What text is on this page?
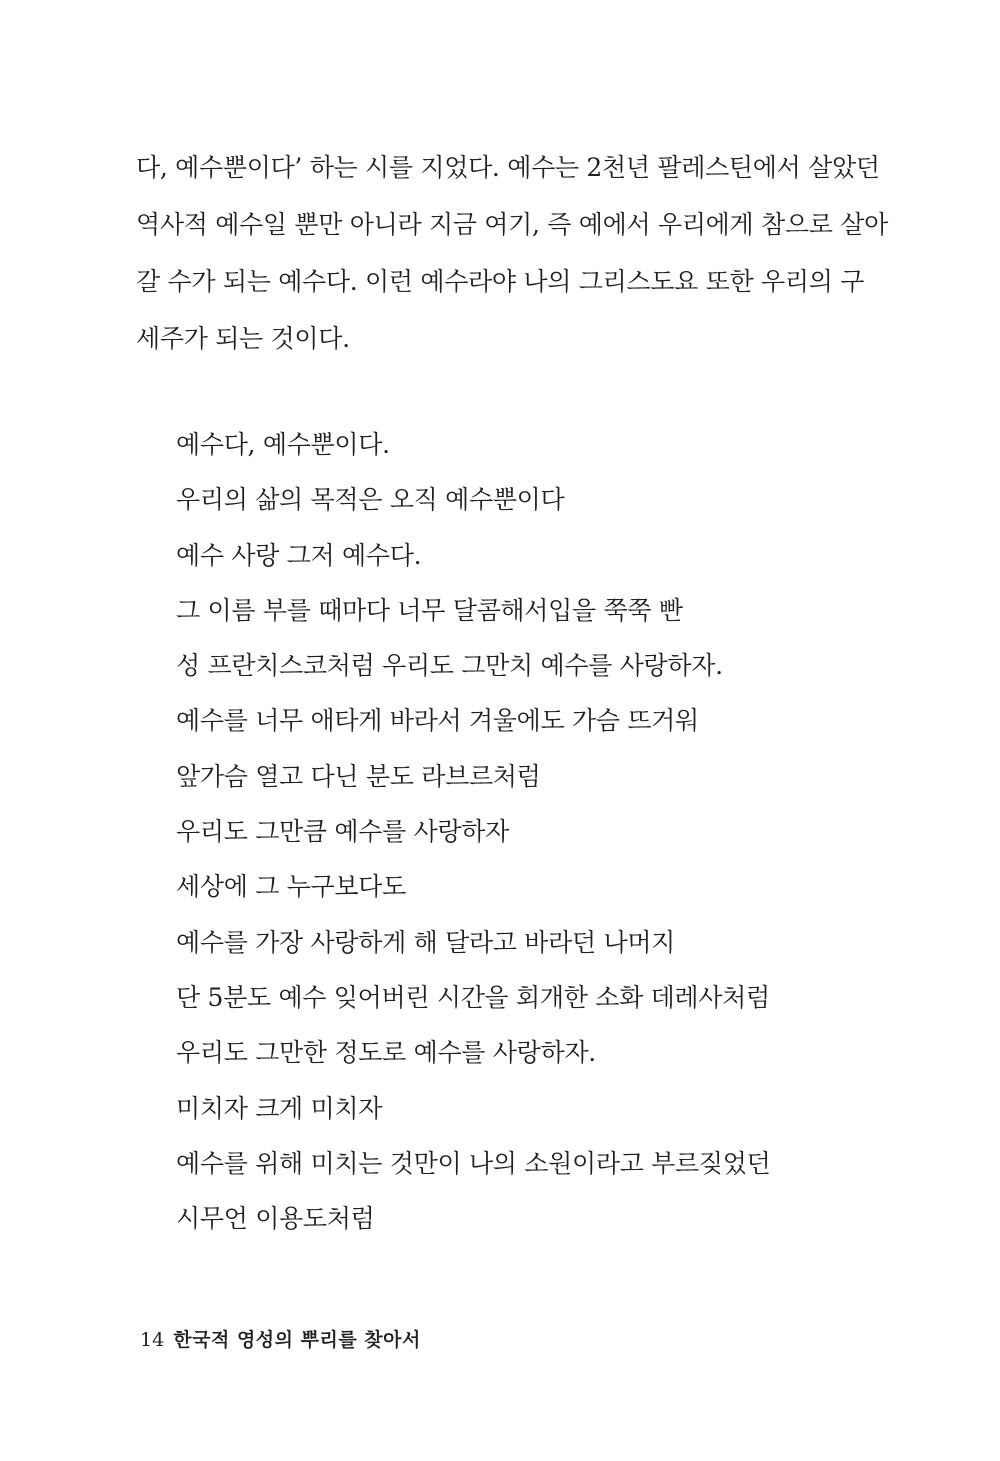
다, 예수뿐이다’ 하는 시를 지었다. 예수는 2천년 팔레스틴에서 살았던

역사적 예수일 뿐만 아니라 지금 여기, 즉 예에서 우리에게 참으로 살아

갈 수가 되는 예수다. 이런 예수라야 나의 그리스도요 또한 우리의 구

세주가 되는 것이다.

예수다, 예수뿐이다.

우리의 삶의 목적은 오직 예수뿐이다

예수 사랑 그저 예수다.

그 이름 부를 때마다 너무 달콤해서입을 쭉쭉 빤

성 프란치스코처럼 우리도 그만치 예수를 사랑하자.

예수를 너무 애타게 바라서 겨울에도 가슴 뜨거워

앞가슴 열고 다닌 분도 라브르처럼

우리도 그만큼 예수를 사랑하자

세상에 그 누구보다도

예수를 가장 사랑하게 해 달라고 바라던 나머지

단 5분도 예수 잊어버린 시간을 회개한 소화 데레사처럼

우리도 그만한 정도로 예수를 사랑하자.

미치자 크게 미치자

예수를 위해 미치는 것만이 나의 소원이라고 부르짖었던

시무언 이용도처럼

14 한국적 영성의 뿌리를 찾아서
